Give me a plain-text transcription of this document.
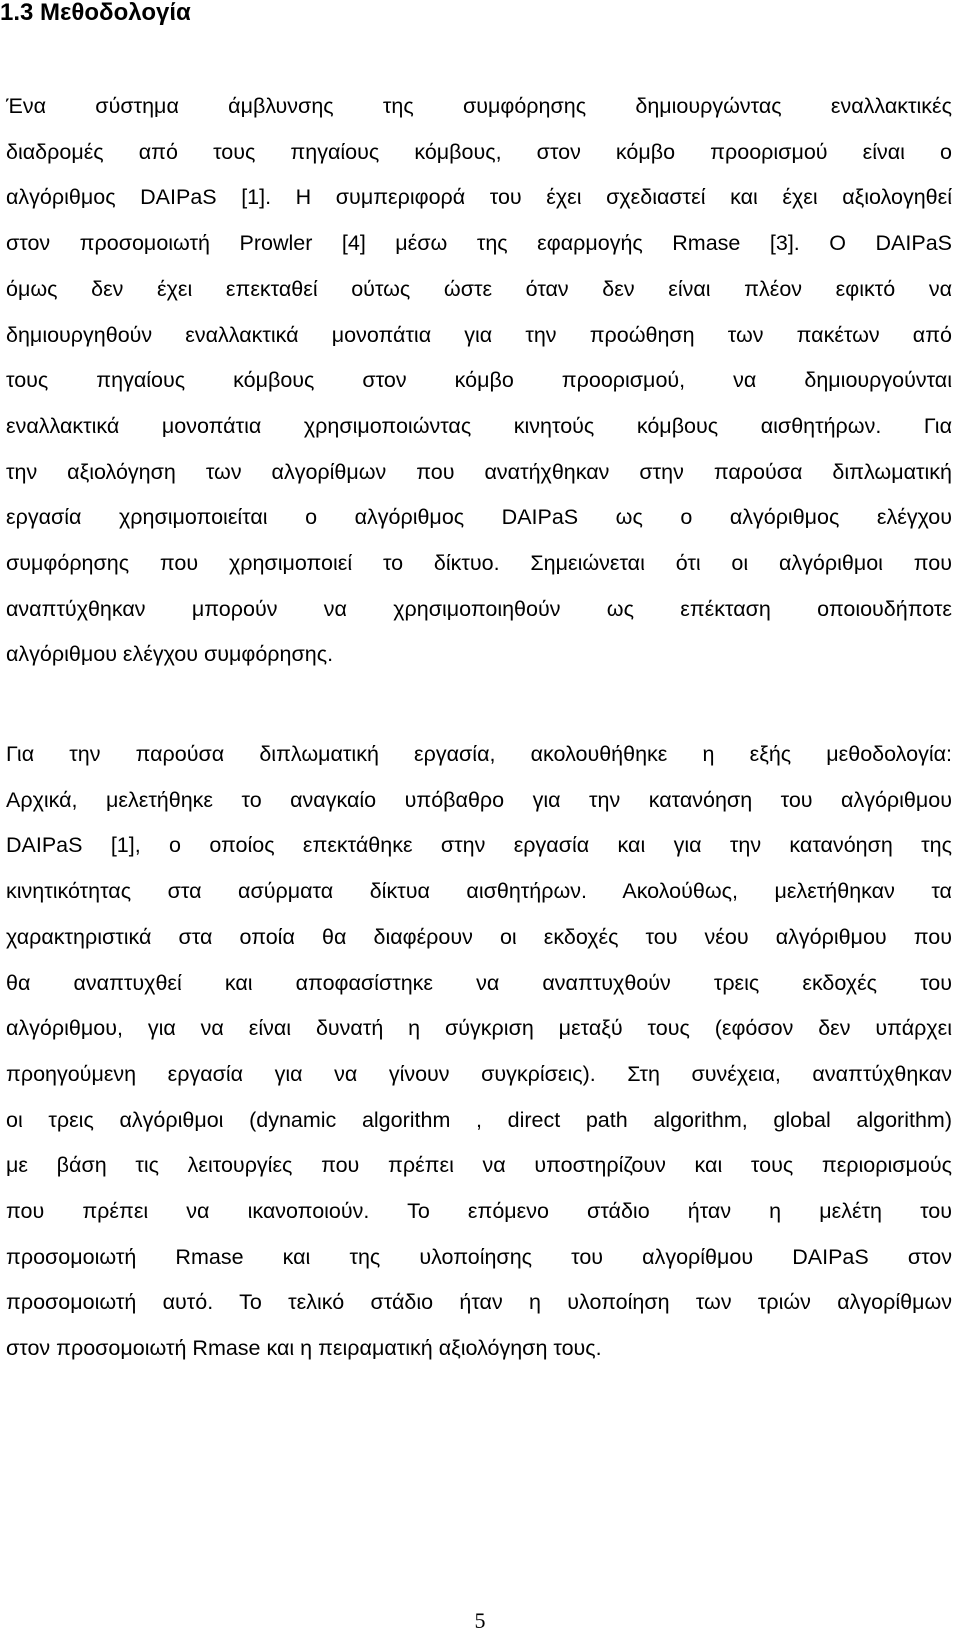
1.3 Μεθοδολογία
Ένα σύστημα άμβλυνσης της συμφόρησης δημιουργώντας εναλλακτικές
διαδρομές από τους πηγαίους κόμβους, στον κόμβο προορισμού είναι ο
αλγόριθμος DAIPaS [1]. Η συμπεριφορά του έχει σχεδιαστεί και έχει αξιολογηθεί
στον προσομοιωτή Prowler [4] μέσω της εφαρμογής Rmase [3]. Ο DAIPaS
όμως δεν έχει επεκταθεί ούτως ώστε όταν δεν είναι πλέον εφικτό να
δημιουργηθούν εναλλακτικά μονοπάτια για την προώθηση των πακέτων από
τους πηγαίους κόμβους στον κόμβο προορισμού, να δημιουργούνται
εναλλακτικά μονοπάτια χρησιμοποιώντας κινητούς κόμβους αισθητήρων. Για
την αξιολόγηση των αλγορίθμων που ανατήχθηκαν στην παρούσα διπλωματική
εργασία χρησιμοποιείται ο αλγόριθμος DAIPaS ως ο αλγόριθμος ελέγχου
συμφόρησης που χρησιμοποιεί το δίκτυο. Σημειώνεται ότι οι αλγόριθμοι που
αναπτύχθηκαν μπορούν να χρησιμοποιηθούν ως επέκταση οποιουδήποτε
αλγόριθμου ελέγχου συμφόρησης.
Για την παρούσα διπλωματική εργασία, ακολουθήθηκε η εξής μεθοδολογία:
Αρχικά, μελετήθηκε το αναγκαίο υπόβαθρο για την κατανόηση του αλγόριθμου
DAIPaS [1], ο οποίος επεκτάθηκε στην εργασία και για την κατανόηση της
κινητικότητας στα ασύρματα δίκτυα αισθητήρων. Ακολούθως, μελετήθηκαν τα
χαρακτηριστικά στα οποία θα διαφέρουν οι εκδοχές του νέου αλγόριθμου που
θα αναπτυχθεί και αποφασίστηκε να αναπτυχθούν τρεις εκδοχές του
αλγόριθμου, για να είναι δυνατή η σύγκριση μεταξύ τους (εφόσον δεν υπάρχει
προηγούμενη εργασία για να γίνουν συγκρίσεις). Στη συνέχεια, αναπτύχθηκαν
οι τρεις αλγόριθμοι (dynamic algorithm , direct path algorithm, global algorithm)
με βάση τις λειτουργίες που πρέπει να υποστηρίζουν και τους περιορισμούς
που πρέπει να ικανοποιούν. Το επόμενο στάδιο ήταν η μελέτη του
προσομοιωτή Rmase και της υλοποίησης του αλγορίθμου DAIPaS στον
προσομοιωτή αυτό. Το τελικό στάδιο ήταν η υλοποίηση των τριών αλγορίθμων
στον προσομοιωτή Rmase και η πειραματική αξιολόγηση τους.
5
